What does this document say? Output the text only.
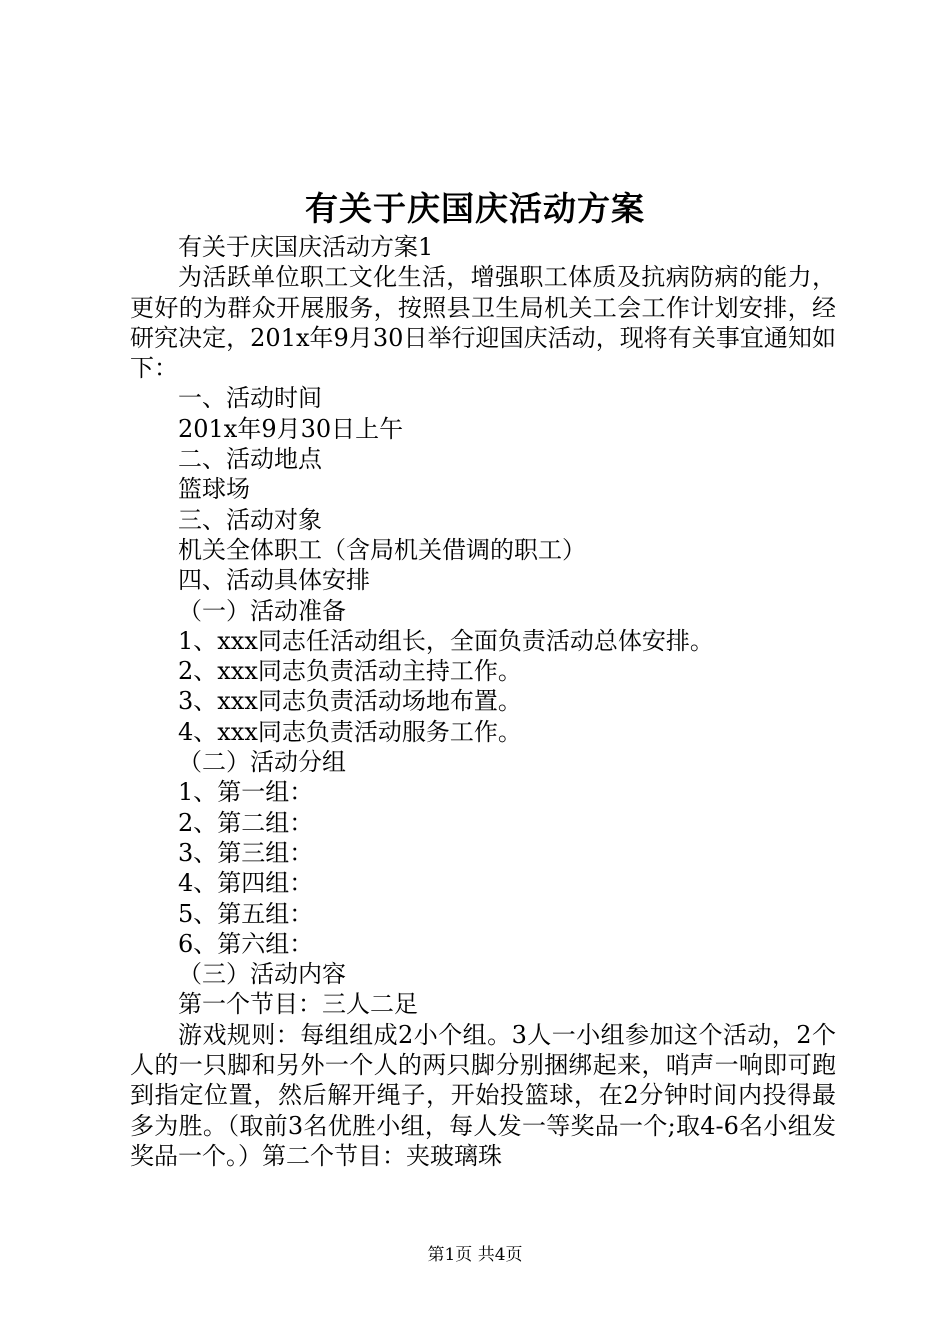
有关于庆国庆活动方案

有关于庆国庆活动方案1

为活跃单位职工文化生活，增强职工体质及抗病防病的能力，更好的为群众开展服务，按照县卫生局机关工会工作计划安排，经研究决定，201x年9月30日举行迎国庆活动，现将有关事宜通知如下：

一、活动时间

201x年9月30日上午

二、活动地点

篮球场

三、活动对象

机关全体职工（含局机关借调的职工）

四、活动具体安排

（一）活动准备

1、xxx同志任活动组长，全面负责活动总体安排。

2、xxx同志负责活动主持工作。

3、xxx同志负责活动场地布置。

4、xxx同志负责活动服务工作。

（二）活动分组

1、第一组：

2、第二组：

3、第三组：

4、第四组：

5、第五组：

6、第六组：

（三）活动内容

第一个节目：三人二足

游戏规则：每组组成2小个组。3人一小组参加这个活动，2个人的一只脚和另外一个人的两只脚分别捆绑起来，哨声一响即可跑到指定位置，然后解开绳子，开始投篮球，在2分钟时间内投得最多为胜。（取前3名优胜小组，每人发一等奖品一个;取4-6名小组发奖品一个。）第二个节目：夹玻璃珠

第1页 共4页
